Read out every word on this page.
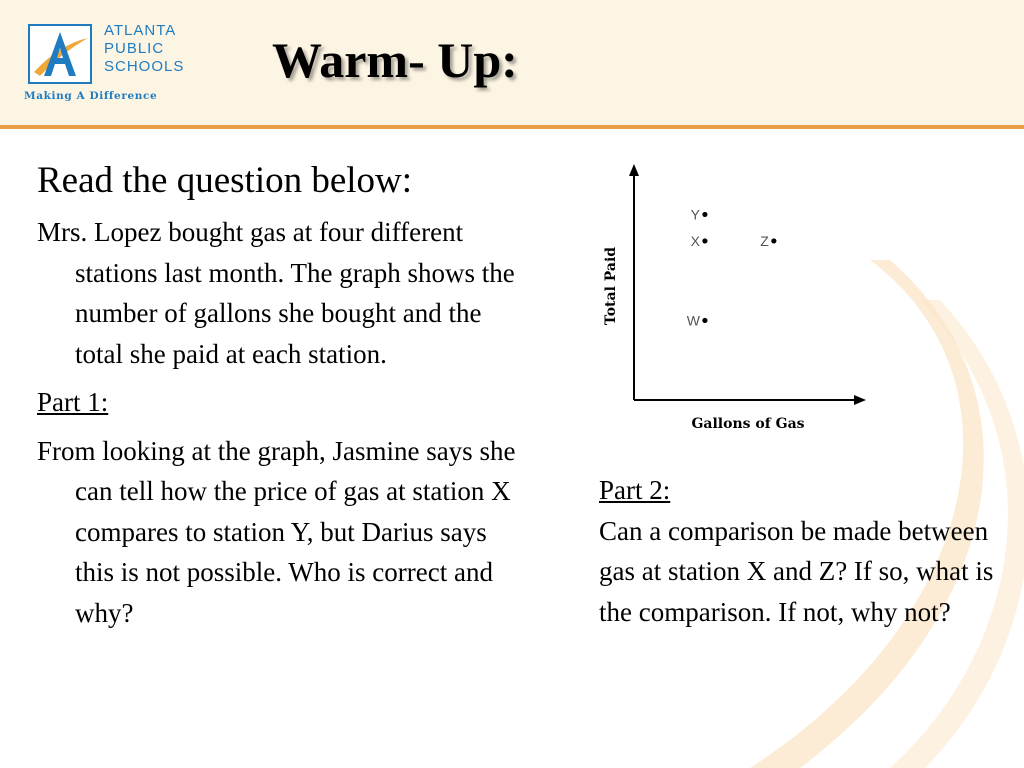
ATLANTA
PUBLIC
SCHOOLS
Making A Difference
Warm- Up:

Read the question below:

Mrs. Lopez bought gas at four different stations last month. The graph shows the number of gallons she bought and the total she paid at each station.

Part 1:

From looking at the graph, Jasmine says she can tell how the price of gas at station X compares to station Y, but Darius says this is not possible. Who is correct and why?

Total Paid
Gallons of Gas
Y
X	Z
W

Part 2:

Can a comparison be made between gas at station X and Z? If so, what is the comparison. If not, why not?
